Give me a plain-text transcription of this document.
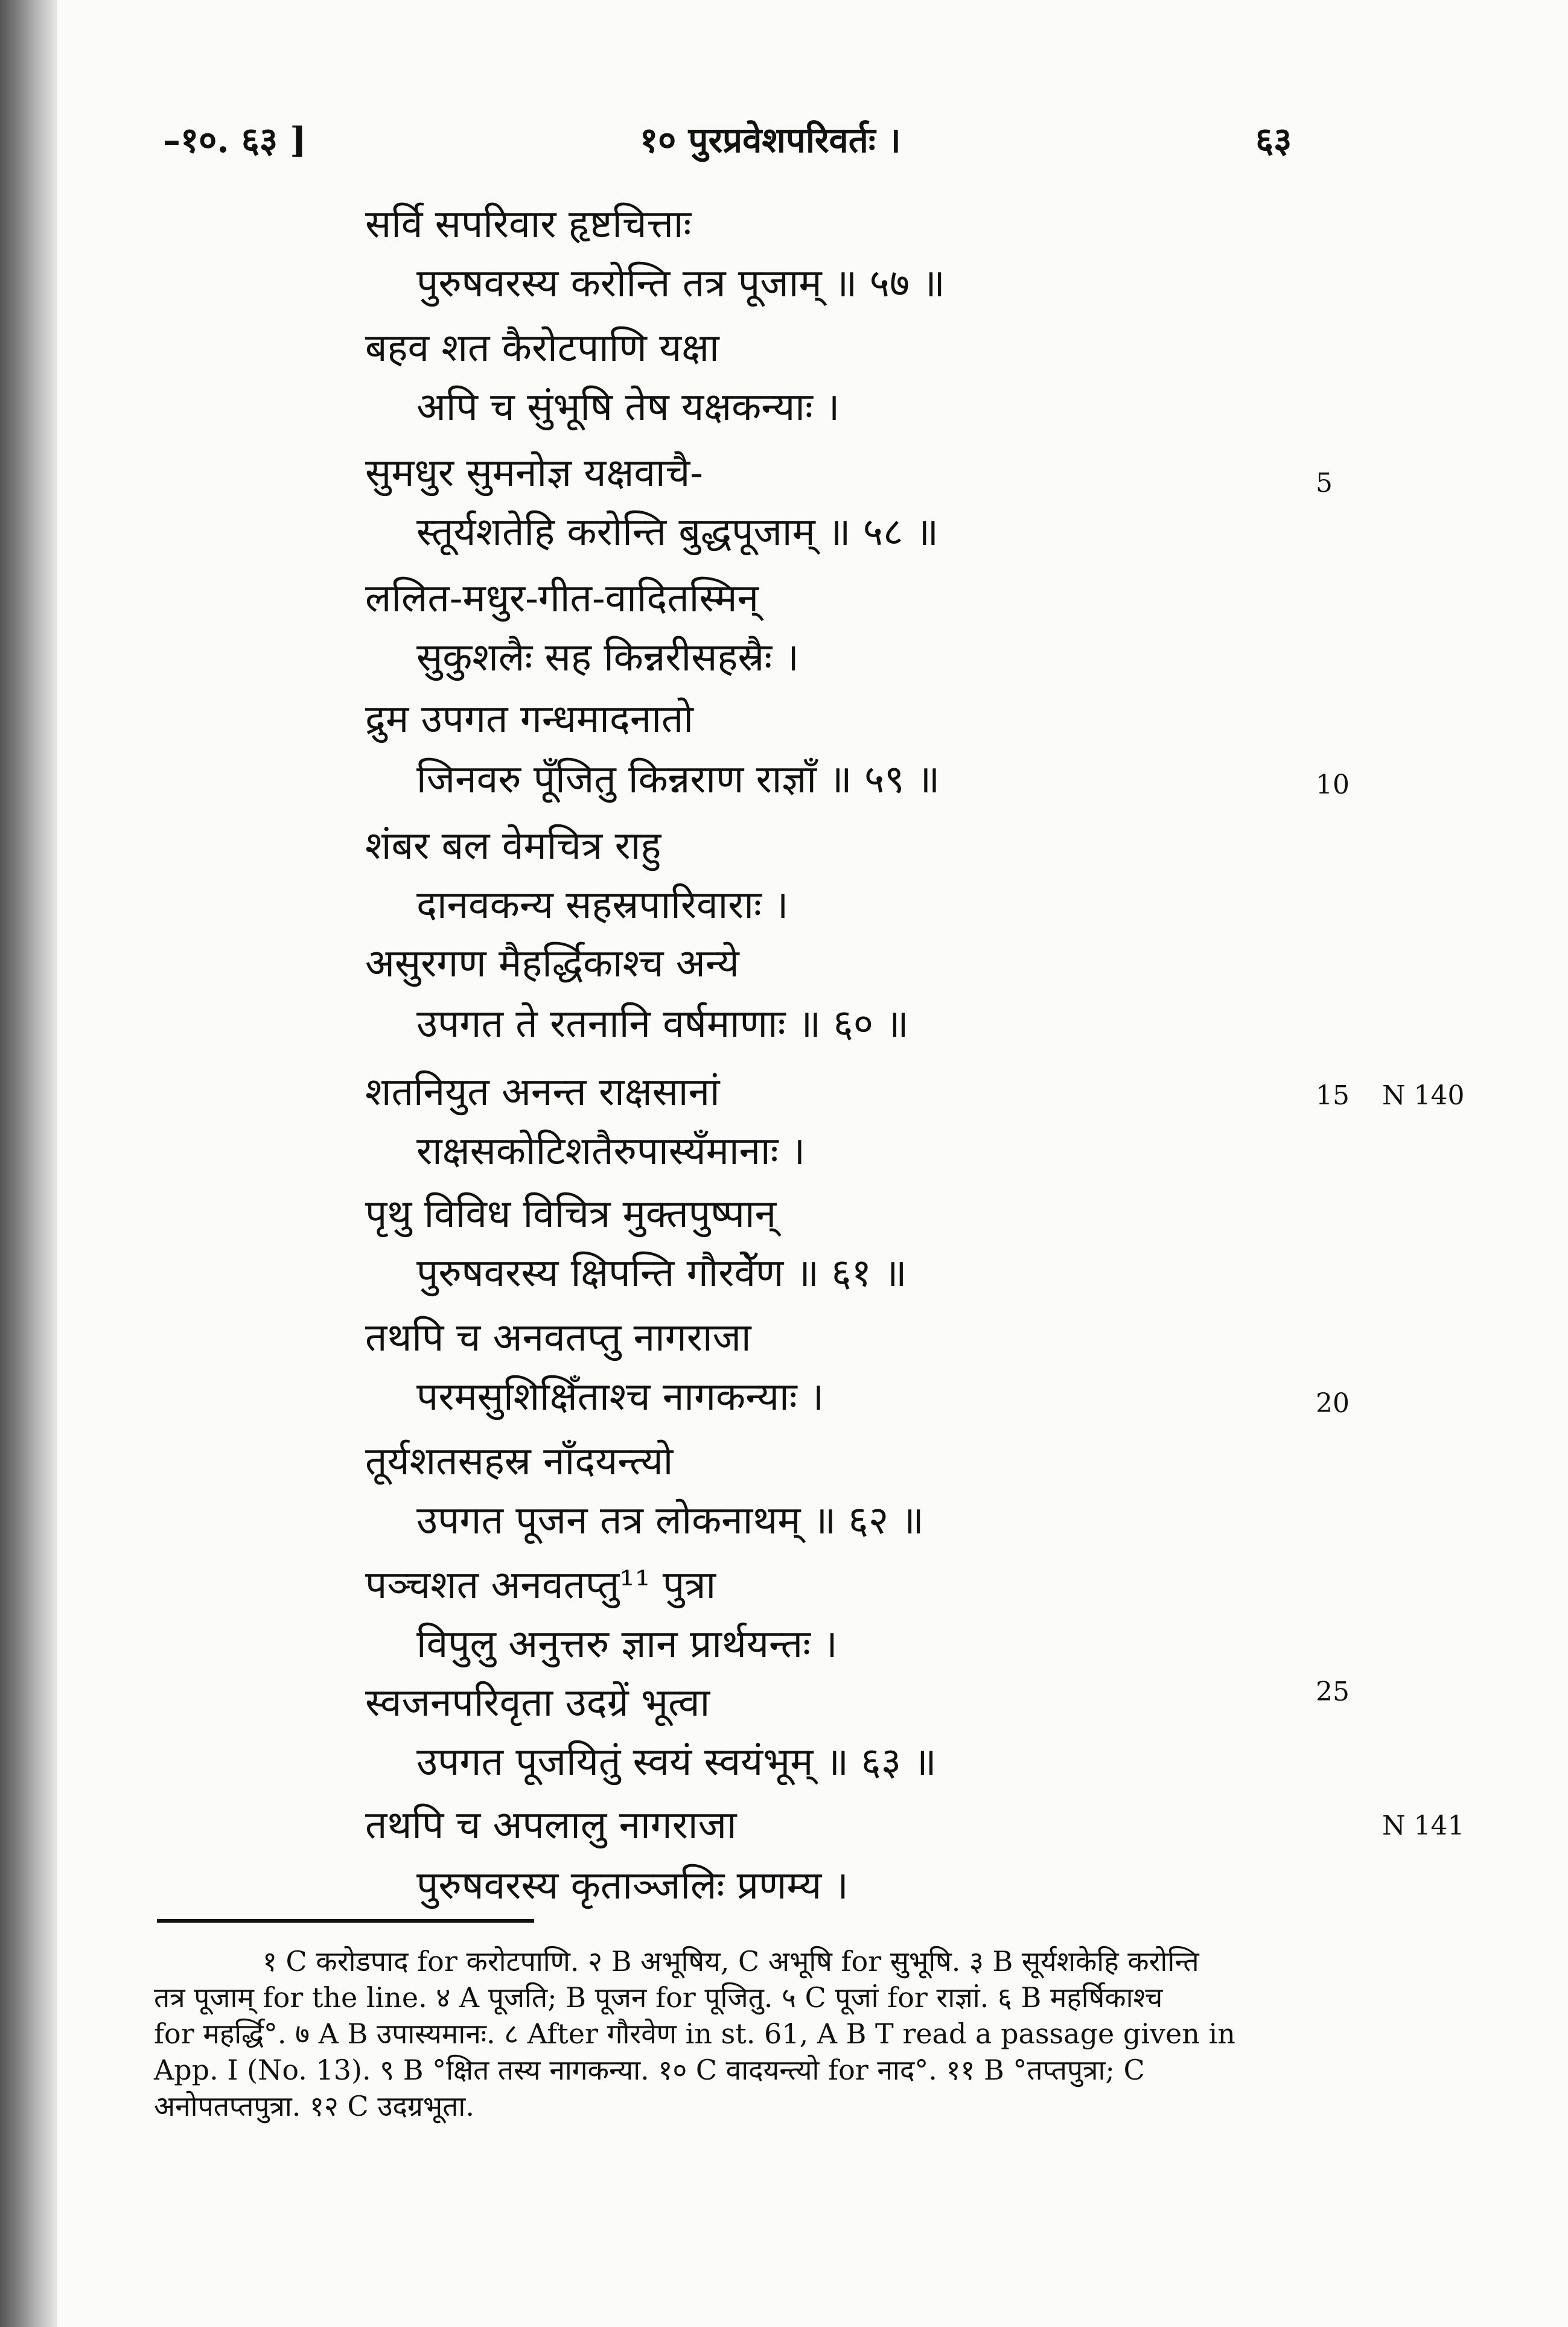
–१०. ६३ ]	१० पुरप्रवेशपरिवर्तः ।	६३
सर्वि सपरिवार हृष्टचित्ताः
पुरुषवरस्य करोन्ति तत्र पूजाम् ॥ ५७ ॥
बहव शत कैरोटपाणि यक्षा
अपि च सुंभूषि तेष यक्षकन्याः ।
सुमधुर सुमनोज्ञ यक्षवाचै-
स्तूर्यशतेहि करोन्ति बुद्धपूजाम् ॥ ५८ ॥
ललित-मधुर-गीत-वादितस्मिन्
सुकुशलैः सह किन्नरीसहस्रैः ।
द्रुम उपगत गन्धमादनातो
जिनवरु पूँजितु किन्नराण राज्ञाँ ॥ ५९ ॥
शंबर बल वेमचित्र राहु
दानवकन्य सहस्रपारिवाराः ।
असुरगण मैहर्द्धिकाश्च अन्ये
उपगत ते रतनानि वर्षमाणाः ॥ ६० ॥
शतनियुत अनन्त राक्षसानां
राक्षसकोटिशतैरुपास्यँमानाः ।
पृथु विविध विचित्र मुक्तपुष्पान्
पुरुषवरस्य क्षिपन्ति गौरवेॅण ॥ ६१ ॥
तथपि च अनवतप्तु नागराजा
परमसुशिक्षिँताश्च नागकन्याः ।
तूर्यशतसहस्र नाँदयन्त्यो
उपगत पूजन तत्र लोकनाथम् ॥ ६२ ॥
पञ्चशत अनवतप्तु¹¹ पुत्रा
विपुलु अनुत्तरु ज्ञान प्रार्थयन्तः ।
स्वजनपरिवृता उदग्रें भूत्वा
उपगत पूजयितुं स्वयं स्वयंभूम् ॥ ६३ ॥
तथपि च अपलालु नागराजा
पुरुषवरस्य कृताञ्जलिः प्रणम्य ।
5
10
15
20
25
N 140
N 141
१ C करोडपाद for करोटपाणि. २ B अभूषिय, C अभूषि for सुभूषि. ३ B सूर्यशकेहि करोन्ति
तत्र पूजाम् for the line. ४ A पूजति; B पूजन for पूजितु. ५ C पूजां for राज्ञां. ६ B महर्षिकाश्च
for महर्द्धि°. ७ A B उपास्यमानः. ८ After गौरवेण in st. 61, A B T read a passage given in
App. I (No. 13). ९ B °क्षित तस्य नागकन्या. १० C वादयन्त्यो for नाद°. ११ B °तप्तपुत्रा; C
अनोपतप्तपुत्रा. १२ C उदग्रभूता.
